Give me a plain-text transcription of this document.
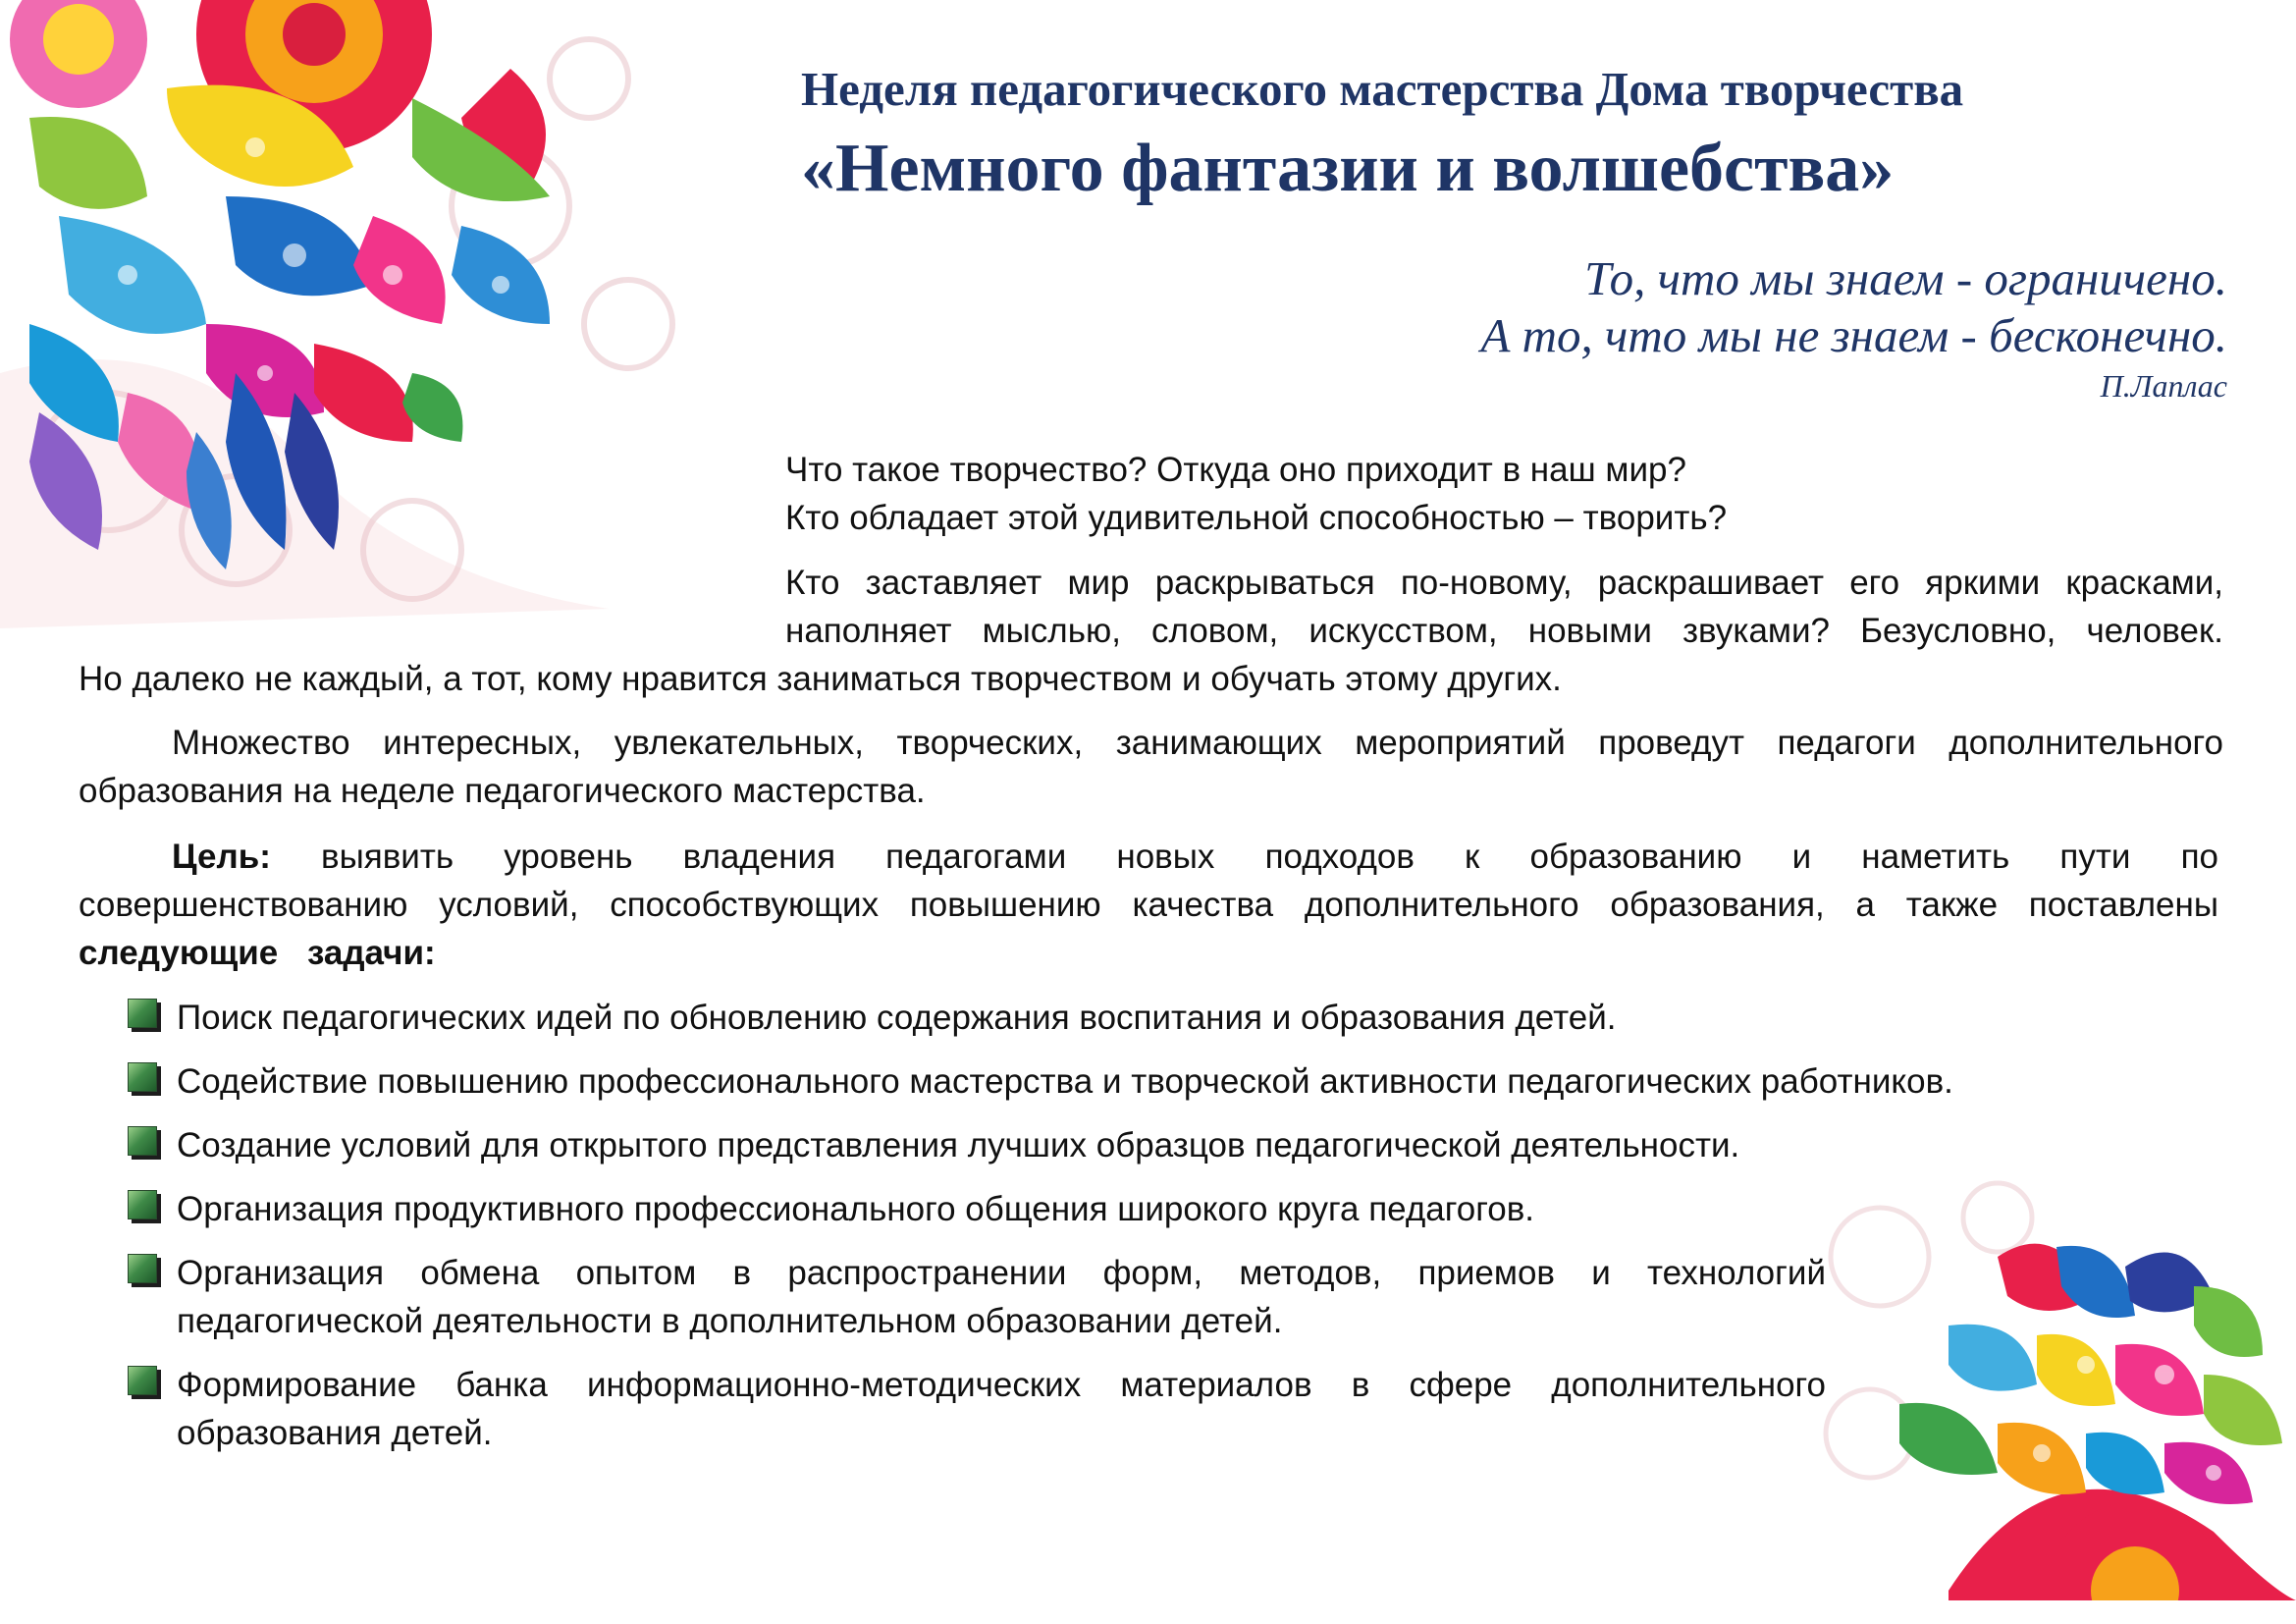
Неделя педагогического мастерства Дома творчества
«Немного фантазии и волшебства»
То, что мы знаем - ограничено.
А то, что мы не знаем - бесконечно.
П.Лаплас

Что такое творчество? Откуда оно приходит в наш мир?

Кто обладает этой удивительной способностью – творить?

Кто заставляет мир раскрываться по-новому, раскрашивает его яркими красками,
наполняет мыслью, словом, искусством, новыми звуками? Безусловно, человек.
Но далеко не каждый, а тот, кому нравится заниматься творчеством и обучать этому других.

Множество интересных, увлекательных, творческих, занимающих мероприятий проведут педагоги дополнительного образования на неделе педагогического мастерства.

Цель: выявить уровень владения педагогами новых подходов к образованию и наметить пути по совершенствованию условий, способствующих повышению качества дополнительного образования, а также поставлены следующие задачи:

Поиск педагогических идей по обновлению содержания воспитания и образования детей.
Содействие повышению профессионального мастерства и творческой активности педагогических работников.
Создание условий для открытого представления лучших образцов педагогической деятельности.
Организация продуктивного профессионального общения широкого круга педагогов.
Организация обмена опытом в распространении форм, методов, приемов и технологий педагогической деятельности в дополнительном образовании детей.
Формирование банка информационно-методических материалов в сфере дополнительного образования детей.
